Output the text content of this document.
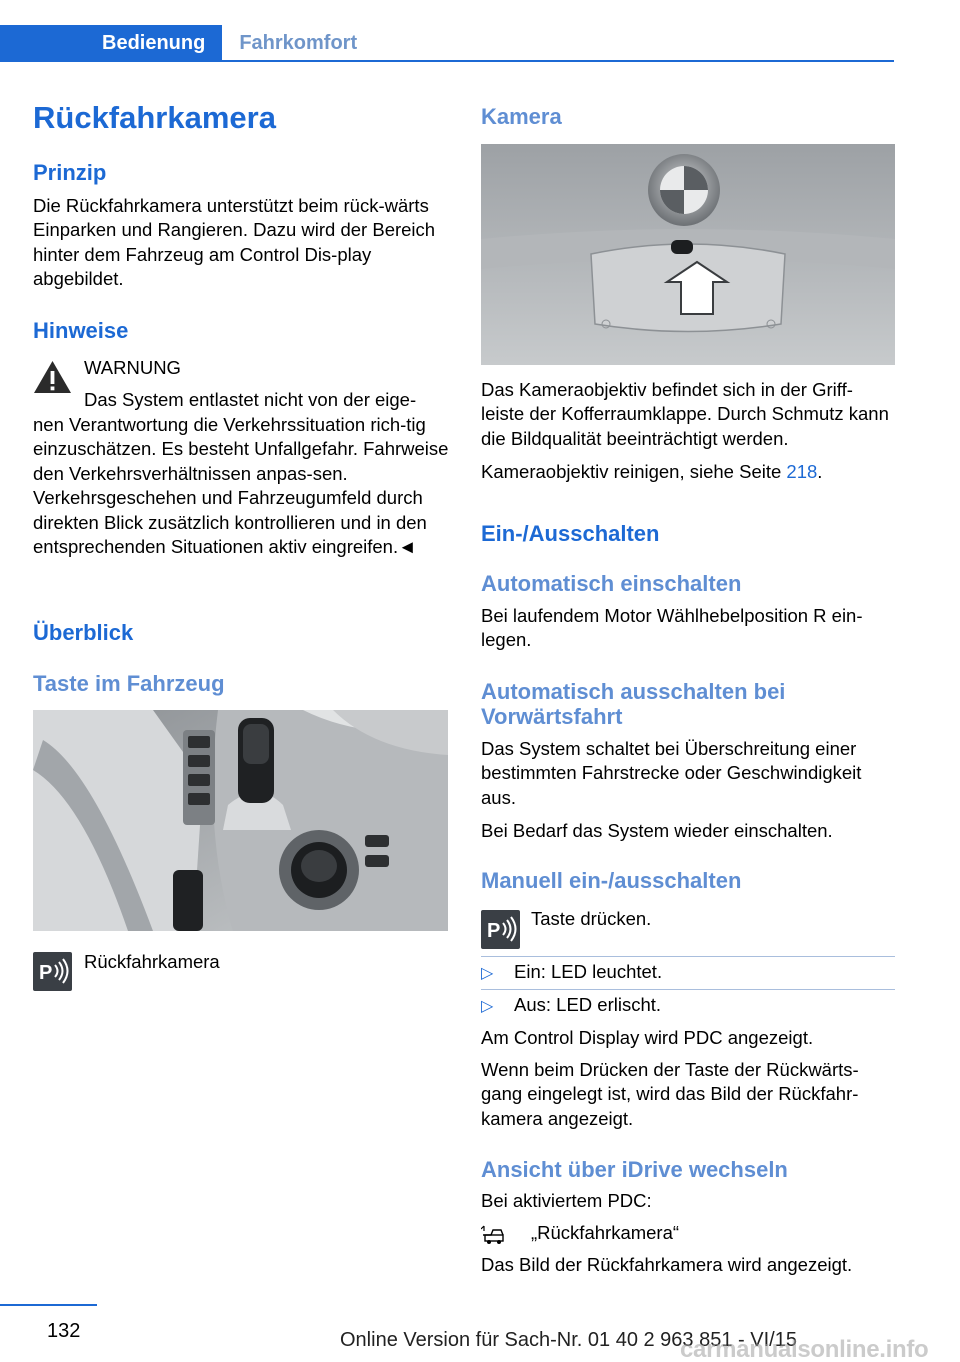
Bedienung	Fahrkomfort
Rückfahrkamera
Prinzip
Die Rückfahrkamera unterstützt beim rück‐wärts Einparken und Rangieren. Dazu wird der Bereich hinter dem Fahrzeug am Control Dis‐play abgebildet.
Hinweise
WARNUNG
Das System entlastet nicht von der eige‐
nen Verantwortung die Verkehrssituation rich‐tig einzuschätzen. Es besteht Unfallgefahr. Fahrweise den Verkehrsverhältnissen anpas‐sen. Verkehrsgeschehen und Fahrzeugumfeld durch direkten Blick zusätzlich kontrollieren und in den entsprechenden Situationen aktiv eingreifen.◄
Überblick
Taste im Fahrzeug
P
Rückfahrkamera
Kamera
Das Kameraobjektiv befindet sich in der Griff‐leiste der Kofferraumklappe. Durch Schmutz kann die Bildqualität beeinträchtigt werden.
Kameraobjektiv reinigen, siehe Seite 218.
Ein-/Ausschalten
Automatisch einschalten
Bei laufendem Motor Wählhebelposition R ein‐legen.
Automatisch ausschalten bei Vorwärtsfahrt
Das System schaltet bei Überschreitung einer bestimmten Fahrstrecke oder Geschwindigkeit aus.
Bei Bedarf das System wieder einschalten.
Manuell ein-/ausschalten
P
Taste drücken.
▷ Ein: LED leuchtet.
▷ Aus: LED erlischt.
Am Control Display wird PDC angezeigt.
Wenn beim Drücken der Taste der Rückwärts‐gang eingelegt ist, wird das Bild der Rückfahr‐kamera angezeigt.
Ansicht über iDrive wechseln
Bei aktiviertem PDC:
„Rückfahrkamera“
Das Bild der Rückfahrkamera wird angezeigt.
132	Online Version für Sach-Nr. 01 40 2 963 851 - VI/15
carmanualsonline.info
